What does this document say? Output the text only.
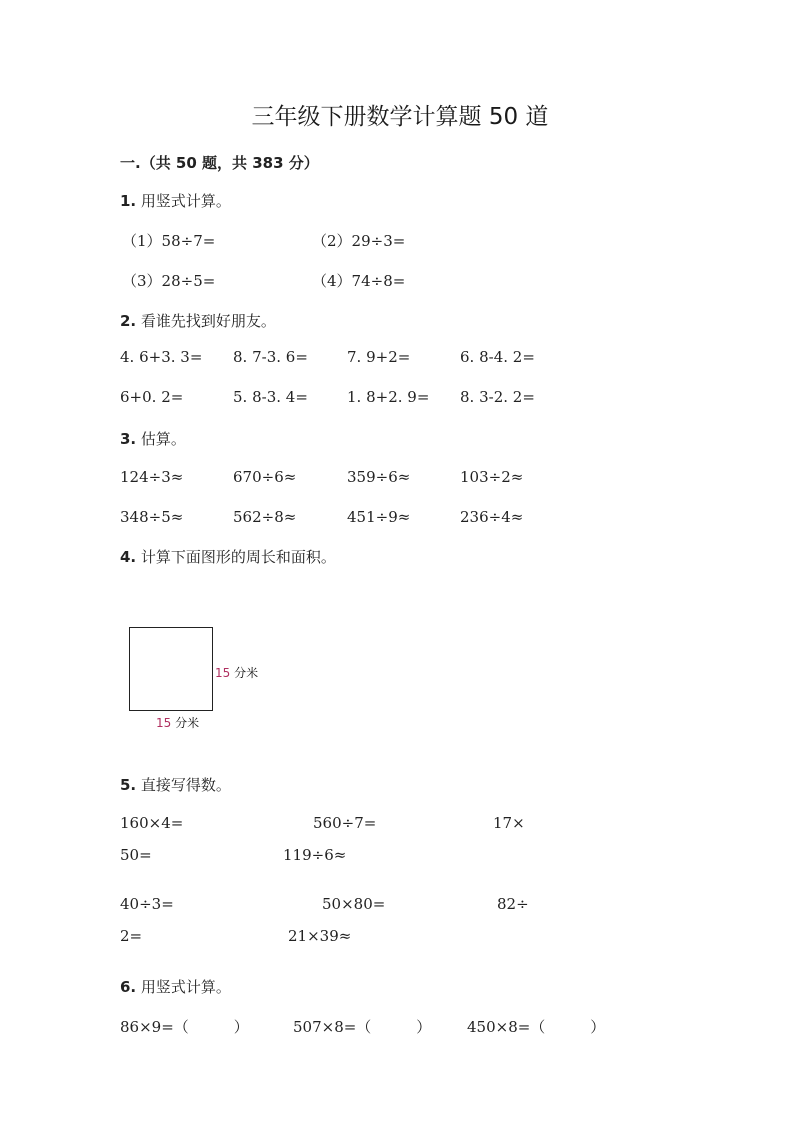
三年级下册数学计算题 50 道
一.（共 50 题，共 383 分）
1. 用竖式计算。
（1）58÷7=	（2）29÷3=
（3）28÷5=	（4）74÷8=
2. 看谁先找到好朋友。
4. 6+3. 3= 8. 7-3. 6=	7. 9+2=	6. 8-4. 2=
6+0. 2=	5. 8-3. 4=	1. 8+2. 9= 8. 3-2. 2=
3. 估算。
124÷3≈	670÷6≈	359÷6≈	103÷2≈
348÷5≈	562÷8≈	451÷9≈	236÷4≈
4. 计算下面图形的周长和面积。
15 分米
15 分米
5. 直接写得数。
160×4=	560÷7=	17×
50=	119÷6≈
40÷3=	50×80=	82÷
2=	21×39≈
6. 用竖式计算。
86×9=（　　　）	507×8=（　　　） 450×8=（　　　）
